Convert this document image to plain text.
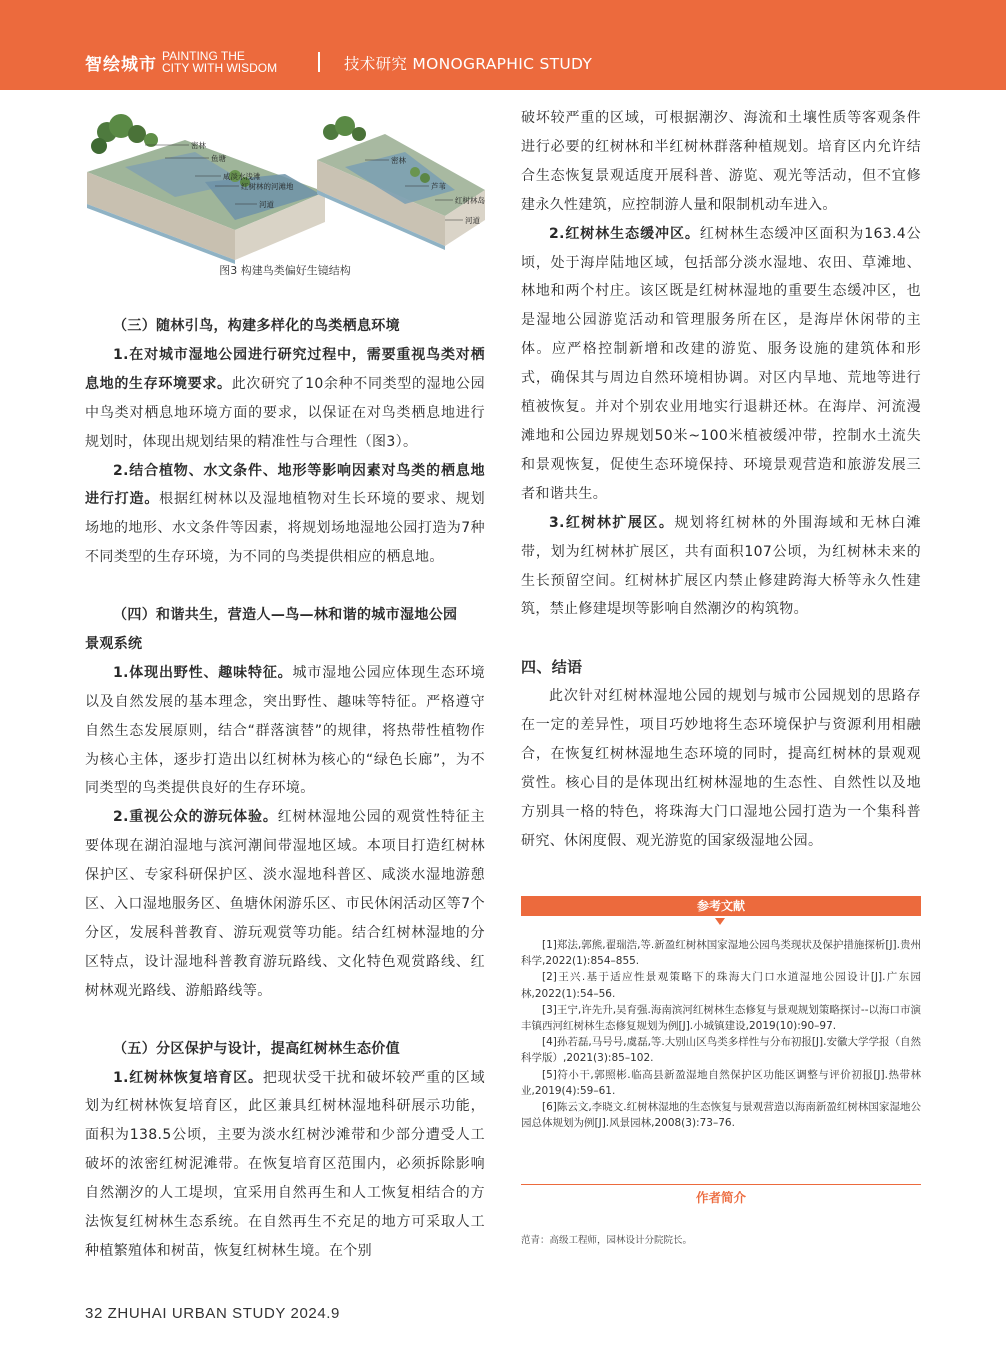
智绘城市 PAINTING THE
CITY WITH WISDOM	技术研究 MONOGRAPHIC STUDY
密林
鱼塘
咸淡水浅滩
红树林的河滩地
河道
密林
芦苇
红树林岛
河道
图3 构建鸟类偏好生镜结构

（三）随林引鸟，构建多样化的鸟类栖息环境

1.在对城市湿地公园进行研究过程中，需要重视鸟类对栖息地的生存环境要求。此次研究了10余种不同类型的湿地公园中鸟类对栖息地环境方面的要求，以保证在对鸟类栖息地进行规划时，体现出规划结果的精准性与合理性（图3）。

2.结合植物、水文条件、地形等影响因素对鸟类的栖息地进行打造。根据红树林以及湿地植物对生长环境的要求、规划场地的地形、水文条件等因素，将规划场地湿地公园打造为7种不同类型的生存环境，为不同的鸟类提供相应的栖息地。

（四）和谐共生，营造人—鸟—林和谐的城市湿地公园

景观系统

1.体现出野性、趣味特征。城市湿地公园应体现生态环境以及自然发展的基本理念，突出野性、趣味等特征。严格遵守自然生态发展原则，结合“群落演替”的规律，将热带性植物作为核心主体，逐步打造出以红树林为核心的“绿色长廊”，为不同类型的鸟类提供良好的生存环境。

2.重视公众的游玩体验。红树林湿地公园的观赏性特征主要体现在湖泊湿地与滨河潮间带湿地区域。本项目打造红树林保护区、专家科研保护区、淡水湿地科普区、咸淡水湿地游憩区、入口湿地服务区、鱼塘休闲游乐区、市民休闲活动区等7个分区，发展科普教育、游玩观赏等功能。结合红树林湿地的分区特点，设计湿地科普教育游玩路线、文化特色观赏路线、红树林观光路线、游船路线等。

（五）分区保护与设计，提高红树林生态价值

1.红树林恢复培育区。把现状受干扰和破坏较严重的区域划为红树林恢复培育区，此区兼具红树林湿地科研展示功能，面积为138.5公顷，主要为淡水红树沙滩带和少部分遭受人工破坏的浓密红树泥滩带。在恢复培育区范围内，必须拆除影响自然潮汐的人工堤坝，宜采用自然再生和人工恢复相结合的方法恢复红树林生态系统。在自然再生不充足的地方可采取人工种植繁殖体和树苗，恢复红树林生境。在个别

破坏较严重的区域，可根据潮汐、海流和土壤性质等客观条件进行必要的红树林和半红树林群落种植规划。培育区内允许结合生态恢复景观适度开展科普、游览、观光等活动，但不宜修建永久性建筑，应控制游人量和限制机动车进入。

2.红树林生态缓冲区。红树林生态缓冲区面积为163.4公顷，处于海岸陆地区域，包括部分淡水湿地、农田、草滩地、林地和两个村庄。该区既是红树林湿地的重要生态缓冲区，也是湿地公园游览活动和管理服务所在区，是海岸休闲带的主体。应严格控制新增和改建的游览、服务设施的建筑体和形式，确保其与周边自然环境相协调。对区内旱地、荒地等进行植被恢复。并对个别农业用地实行退耕还林。在海岸、河流漫滩地和公园边界规划50米~100米植被缓冲带，控制水土流失和景观恢复，促使生态环境保持、环境景观营造和旅游发展三者和谐共生。

3.红树林扩展区。规划将红树林的外围海域和无林白滩带，划为红树林扩展区，共有面积107公顷，为红树林未来的生长预留空间。红树林扩展区内禁止修建跨海大桥等永久性建筑，禁止修建堤坝等影响自然潮汐的构筑物。

四、结语

此次针对红树林湿地公园的规划与城市公园规划的思路存在一定的差异性，项目巧妙地将生态环境保护与资源利用相融合，在恢复红树林湿地生态环境的同时，提高红树林的景观观赏性。核心目的是体现出红树林湿地的生态性、自然性以及地方别具一格的特色，将珠海大门口湿地公园打造为一个集科普研究、休闲度假、观光游览的国家级湿地公园。

参考文献

[1]郑法,郭熊,翟瑞浩,等.新盈红树林国家湿地公园鸟类现状及保护措施探析[J].贵州科学,2022(1):854–855.

[2]王兴.基于适应性景观策略下的珠海大门口水道湿地公园设计[J].广东园林,2022(1):54–56.

[3]王宁,许先升,吴育强.海南滨河红树林生态修复与景观规划策略探讨--以海口市演丰镇西河红树林生态修复规划为例[J].小城镇建设,2019(10):90–97.

[4]孙若磊,马号号,虞磊,等.大别山区鸟类多样性与分布初报[J].安徽大学学报（自然科学版）,2021(3):85–102.

[5]符小干,郭照彬.临高县新盈湿地自然保护区功能区调整与评价初报[J].热带林业,2019(4):59–61.

[6]陈云文,李晓文.红树林湿地的生态恢复与景观营造以海南新盈红树林国家湿地公园总体规划为例[J].风景园林,2008(3):73–76.

作者简介
范青：高级工程师，园林设计分院院长。
32 ZHUHAI URBAN STUDY 2024.9
